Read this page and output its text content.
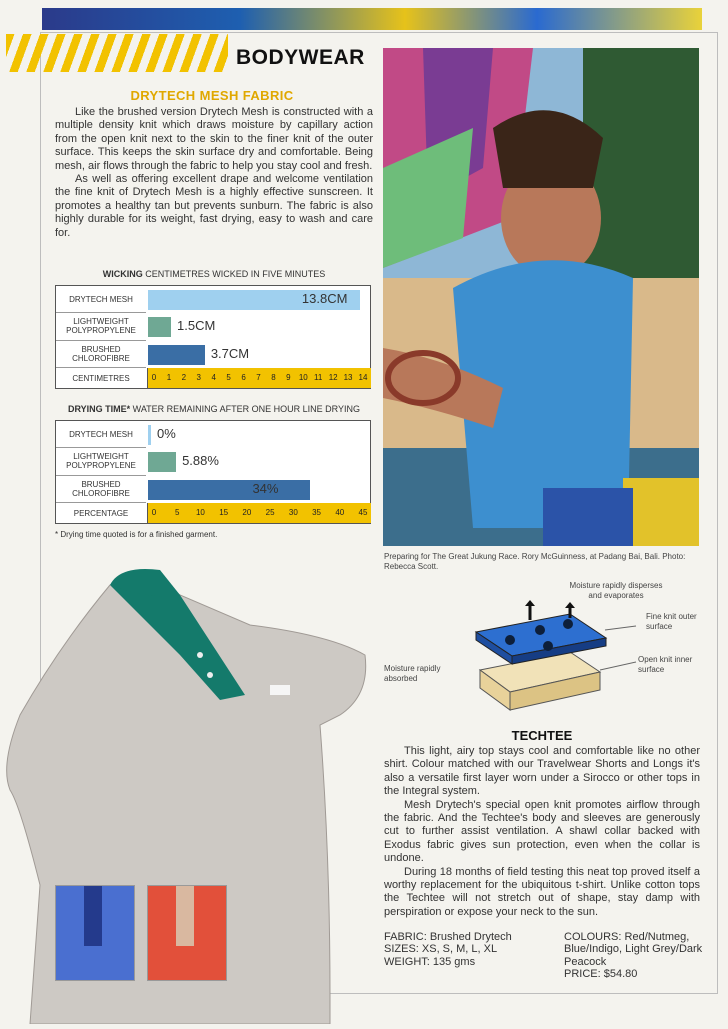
BODYWEAR
DRYTECH MESH FABRIC

Like the brushed version Drytech Mesh is constructed with a multiple density knit which draws moisture by capillary action from the open knit next to the skin to the finer knit of the outer surface. This keeps the skin surface dry and comfortable. Being mesh, air flows through the fabric to help you stay cool and fresh.

As well as offering excellent drape and welcome ventilation the fine knit of Drytech Mesh is a highly effective sunscreen. It promotes a healthy tan but prevents sunburn. The fabric is also highly durable for its weight, fast drying, easy to wash and care for.

WICKING CENTIMETRES WICKED IN FIVE MINUTES
DRYTECH MESH	13.8CM
LIGHTWEIGHT POLYPROPYLENE	1.5CM
BRUSHED CHLOROFIBRE	3.7CM
CENTIMETRES	0 1 2 3 4 5 6 7 8 9 10 11 12 13 14
DRYING TIME* WATER REMAINING AFTER ONE HOUR LINE DRYING
DRYTECH MESH	0%
LIGHTWEIGHT POLYPROPYLENE	5.88%
BRUSHED CHLOROFIBRE	34%
PERCENTAGE	0 5 10 15 20 25 30 35 40 45
* Drying time quoted is for a finished garment.
Preparing for The Great Jukung Race. Rory McGuinness, at Padang Bai, Bali. Photo: Rebecca Scott.
Moisture rapidly disperses and evaporates
Fine knit outer surface
Open knit inner surface
Moisture rapidly absorbed
TECHTEE

This light, airy top stays cool and comfortable like no other shirt. Colour matched with our Travelwear Shorts and Longs it's also a versatile first layer worn under a Sirocco or other tops in the Integral system.

Mesh Drytech's special open knit promotes airflow through the fabric. And the Techtee's body and sleeves are generously cut to further assist ventilation. A shawl collar backed with Exodus fabric gives sun protection, even when the collar is undone.

During 18 months of field testing this neat top proved itself a worthy replacement for the ubiquitous t-shirt. Unlike cotton tops the Techtee will not stretch out of shape, stay damp with perspiration or expose your neck to the sun.

FABRIC: Brushed Drytech
SIZES: XS, S, M, L, XL
WEIGHT: 135 gms
COLOURS: Red/Nutmeg, Blue/Indigo, Light Grey/Dark Peacock
PRICE: $54.80
